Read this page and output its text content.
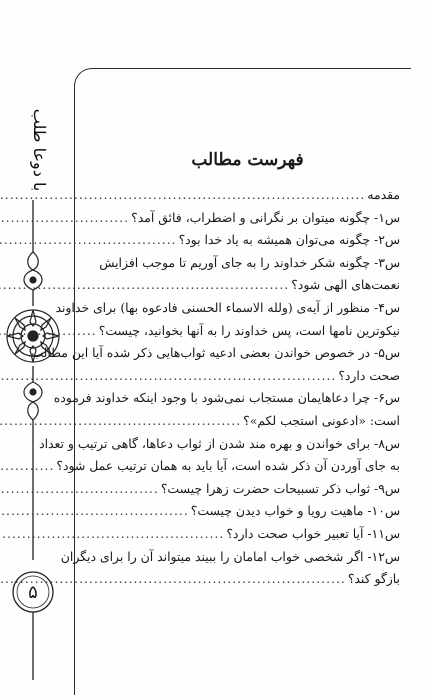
با دوعا طلب
۵
فهرست مطالب
مقدمه
.....
س۱- چگونه میتوان بر نگرانی و اضطراب، فائق آمد؟
.....
س۲- چگونه می‌توان همیشه به یاد خدا بود؟
.....
س۳- چگونه شکر خداوند را به جای آوریم تا موجب افزایش
نعمت‌های الهی شود؟
.....
س۴- منظور از آیه‌ی (ولله الاسماء الحسنی فادعوه بها) برای خداوند
نیکوترین نامها است، پس خداوند را به آنها بخوانید، چیست؟
.....
س۵- در خصوص خواندن بعضی ادعیه ثواب‌هایی ذکر شده آیا این مطالب
صحت دارد؟
.....
س۶- چرا دعاهایمان مستجاب نمی‌شود با وجود اینکه خداوند فرموده
است: «ادعونی استجب لکم»؟
.....
س۸- برای خواندن و بهره مند شدن از ثواب دعاها، گاهی ترتیب و تعداد
به جای آوردن آن ذکر شده است، آیا باید به همان ترتیب عمل شود؟
.....
س۹- ثواب ذکر تسبیحات حضرت زهرا چیست؟
.....
س۱۰- ماهیت رویا و خواب دیدن چیست؟
.....
س۱۱- آیا تعبیر خواب صحت دارد؟
.....
س۱۲- اگر شخصی خواب امامان را ببیند میتواند آن را برای دیگران
بازگو کند؟
.....
